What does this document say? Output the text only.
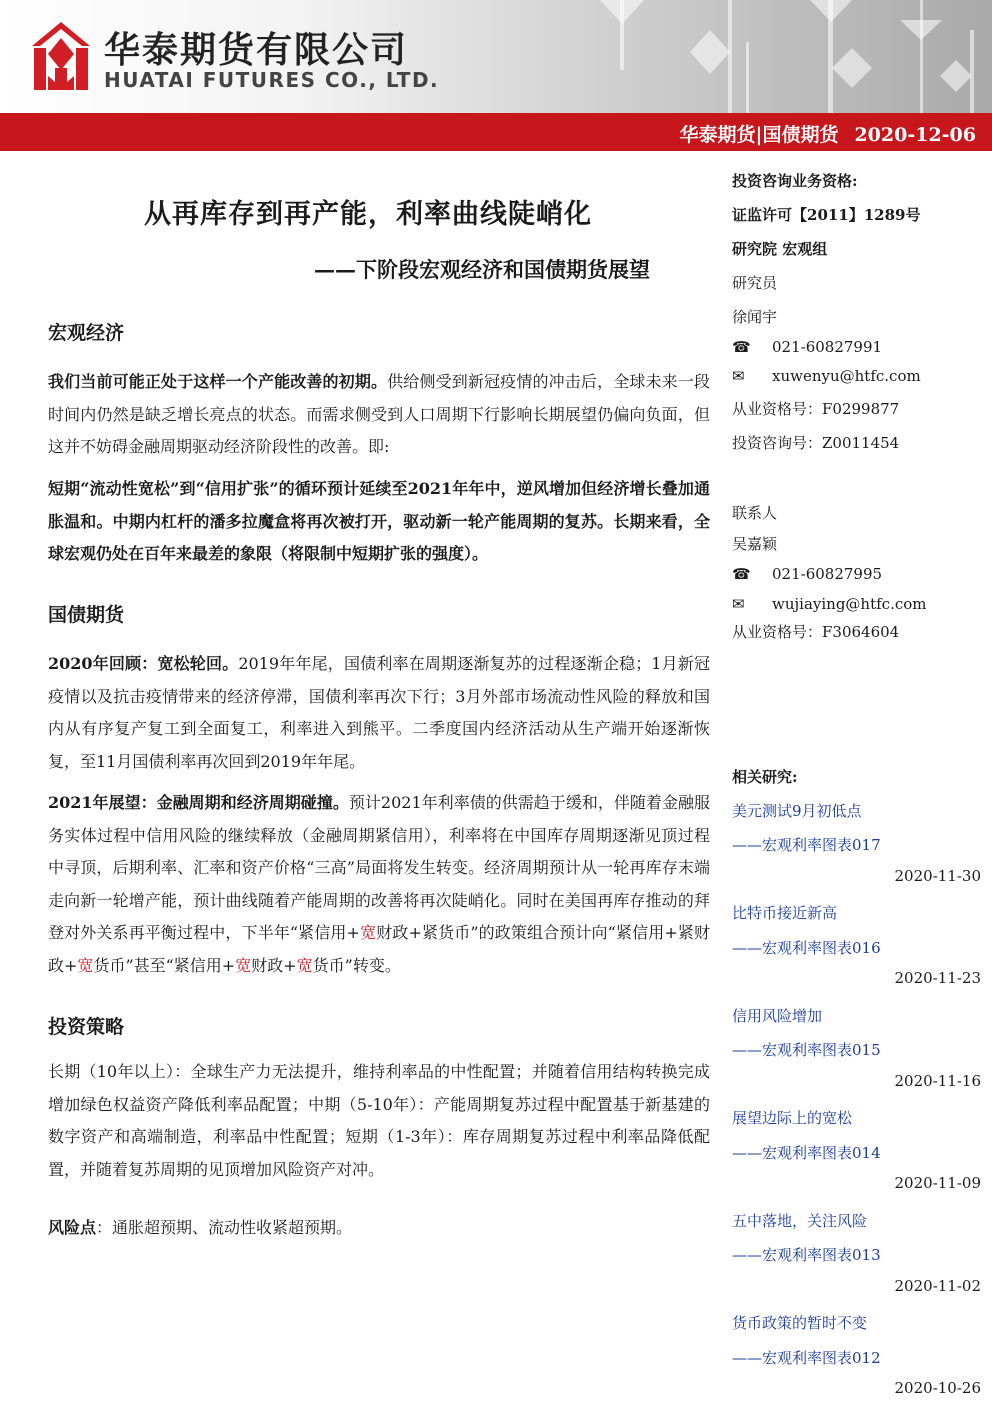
华泰期货有限公司
HUATAI FUTURES CO., LTD.
华泰期货|国债期货 2020-12-06
从再库存到再产能，利率曲线陡峭化
——下阶段宏观经济和国债期货展望
宏观经济

我们当前可能正处于这样一个产能改善的初期。供给侧受到新冠疫情的冲击后，全球未来一段时间内仍然是缺乏增长亮点的状态。而需求侧受到人口周期下行影响长期展望仍偏向负面，但这并不妨碍金融周期驱动经济阶段性的改善。即:

短期“流动性宽松”到“信用扩张”的循环预计延续至2021年年中，逆风增加但经济增长叠加通胀温和。中期内杠杆的潘多拉魔盒将再次被打开，驱动新一轮产能周期的复苏。长期来看，全球宏观仍处在百年来最差的象限（将限制中短期扩张的强度）。

国债期货

2020年回顾：宽松轮回。2019年年尾，国债利率在周期逐渐复苏的过程逐渐企稳；1月新冠疫情以及抗击疫情带来的经济停滞，国债利率再次下行；3月外部市场流动性风险的释放和国内从有序复产复工到全面复工，利率进入到熊平。二季度国内经济活动从生产端开始逐渐恢复，至11月国债利率再次回到2019年年尾。

2021年展望：金融周期和经济周期碰撞。预计2021年利率债的供需趋于缓和，伴随着金融服务实体过程中信用风险的继续释放（金融周期紧信用），利率将在中国库存周期逐渐见顶过程中寻顶，后期利率、汇率和资产价格“三高”局面将发生转变。经济周期预计从一轮再库存末端走向新一轮增产能，预计曲线随着产能周期的改善将再次陡峭化。同时在美国再库存推动的拜登对外关系再平衡过程中，下半年“紧信用+宽财政+紧货币”的政策组合预计向“紧信用+紧财政+宽货币”甚至“紧信用+宽财政+宽货币”转变。

投资策略

长期（10年以上）：全球生产力无法提升，维持利率品的中性配置；并随着信用结构转换完成增加绿色权益资产降低利率品配置；中期（5-10年）：产能周期复苏过程中配置基于新基建的数字资产和高端制造，利率品中性配置；短期（1-3年）：库存周期复苏过程中利率品降低配置，并随着复苏周期的见顶增加风险资产对冲。

风险点：通胀超预期、流动性收紧超预期。

投资咨询业务资格:
证监许可【2011】1289号
研究院 宏观组
研究员
徐闻宇
☎ 021-60827991
✉ xuwenyu@htfc.com
从业资格号：F0299877
投资咨询号：Z0011454
联系人
吴嘉颖
☎ 021-60827995
✉ wujiaying@htfc.com
从业资格号：F3064604
相关研究:
美元测试9月初低点
——宏观利率图表017
2020-11-30
比特币接近新高
——宏观利率图表016
2020-11-23
信用风险增加
——宏观利率图表015
2020-11-16
展望边际上的宽松
——宏观利率图表014
2020-11-09
五中落地，关注风险
——宏观利率图表013
2020-11-02
货币政策的暂时不变
——宏观利率图表012
2020-10-26
